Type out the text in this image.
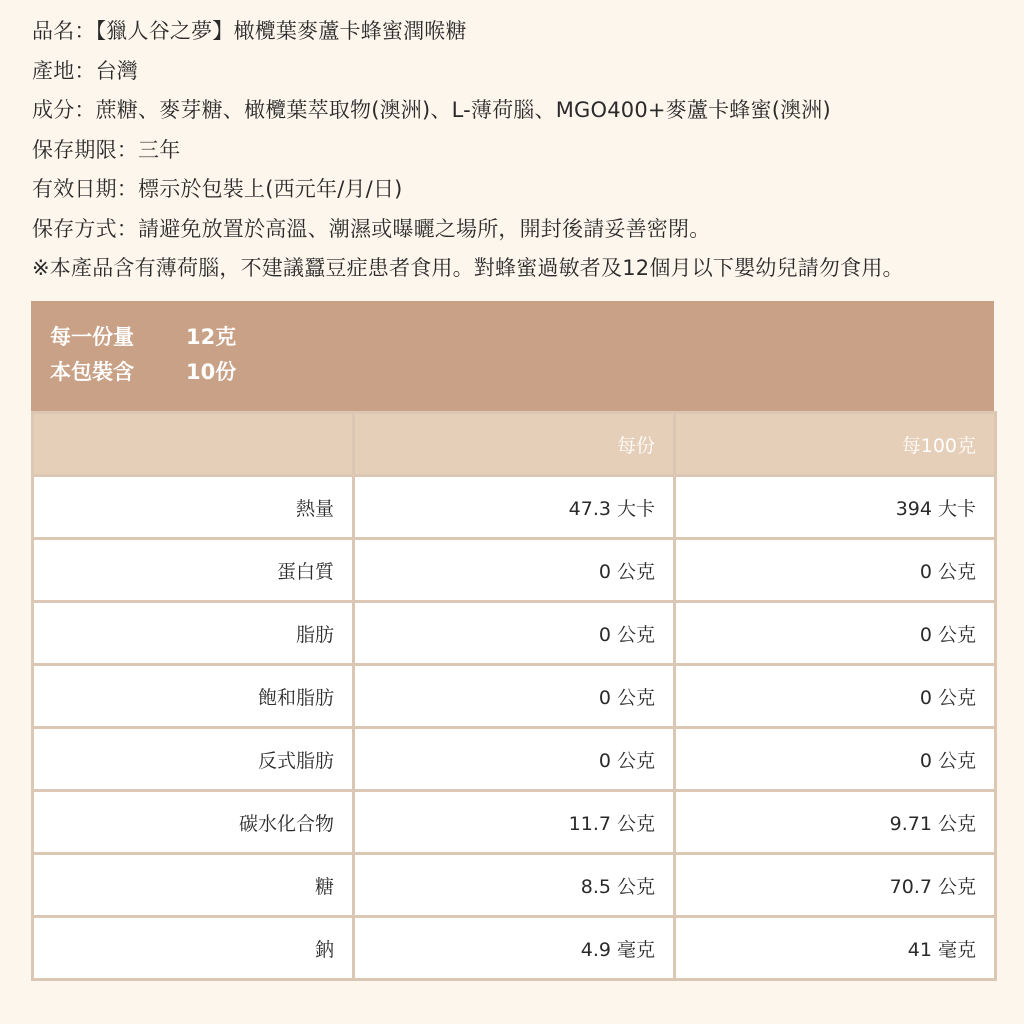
品名：【獵人谷之夢】橄欖葉麥蘆卡蜂蜜潤喉糖
產地：台灣
成分：蔗糖、麥芽糖、橄欖葉萃取物(澳洲)、L-薄荷腦、MGO400+麥蘆卡蜂蜜(澳洲)
保存期限：三年
有效日期：標示於包裝上(西元年/月/日)
保存方式：請避免放置於高溫、潮濕或曝曬之場所，開封後請妥善密閉。
※本產品含有薄荷腦，不建議蠶豆症患者食用。對蜂蜜過敏者及12個月以下嬰幼兒請勿食用。
每一份量 12克
本包裝含 10份
	每份	每100克
熱量	47.3 大卡	394 大卡
蛋白質	0 公克	0 公克
脂肪	0 公克	0 公克
飽和脂肪	0 公克	0 公克
反式脂肪	0 公克	0 公克
碳水化合物	11.7 公克	9.71 公克
糖	8.5 公克	70.7 公克
鈉	4.9 毫克	41 毫克
